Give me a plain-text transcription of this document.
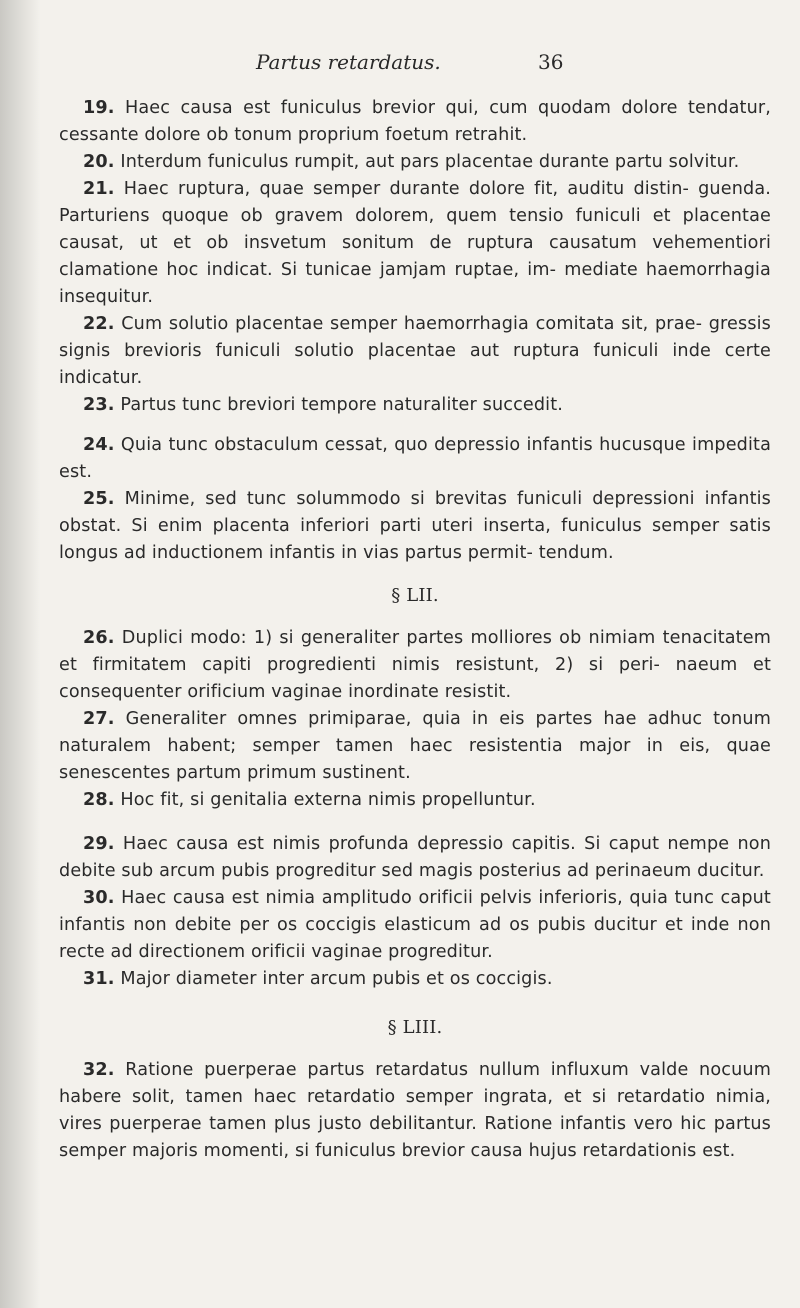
Partus retardatus.	36

19. Haec causa est funiculus brevior qui, cum quodam dolore tendatur, cessante dolore ob tonum proprium foetum retrahit.

20. Interdum funiculus rumpit, aut pars placentae durante partu solvitur.

21. Haec ruptura, quae semper durante dolore fit, auditu distin- guenda. Parturiens quoque ob gravem dolorem, quem tensio funiculi et placentae causat, ut et ob insvetum sonitum de ruptura causatum vehementiori clamatione hoc indicat. Si tunicae jamjam ruptae, im- mediate haemorrhagia insequitur.

22. Cum solutio placentae semper haemorrhagia comitata sit, prae- gressis signis brevioris funiculi solutio placentae aut ruptura funiculi inde certe indicatur.

23. Partus tunc breviori tempore naturaliter succedit.

24. Quia tunc obstaculum cessat, quo depressio infantis hucusque impedita est.

25. Minime, sed tunc solummodo si brevitas funiculi depressioni infantis obstat. Si enim placenta inferiori parti uteri inserta, funiculus semper satis longus ad inductionem infantis in vias partus permit- tendum.

§ LII.

26. Duplici modo: 1) si generaliter partes molliores ob nimiam tenacitatem et firmitatem capiti progredienti nimis resistunt, 2) si peri- naeum et consequenter orificium vaginae inordinate resistit.

27. Generaliter omnes primiparae, quia in eis partes hae adhuc tonum naturalem habent; semper tamen haec resistentia major in eis, quae senescentes partum primum sustinent.

28. Hoc fit, si genitalia externa nimis propelluntur.

29. Haec causa est nimis profunda depressio capitis. Si caput nempe non debite sub arcum pubis progreditur sed magis posterius ad perinaeum ducitur.

30. Haec causa est nimia amplitudo orificii pelvis inferioris, quia tunc caput infantis non debite per os coccigis elasticum ad os pubis ducitur et inde non recte ad directionem orificii vaginae progreditur.

31. Major diameter inter arcum pubis et os coccigis.

§ LIII.

32. Ratione puerperae partus retardatus nullum influxum valde nocuum habere solit, tamen haec retardatio semper ingrata, et si retardatio nimia, vires puerperae tamen plus justo debilitantur. Ratione infantis vero hic partus semper majoris momenti, si funiculus brevior causa hujus retardationis est.
